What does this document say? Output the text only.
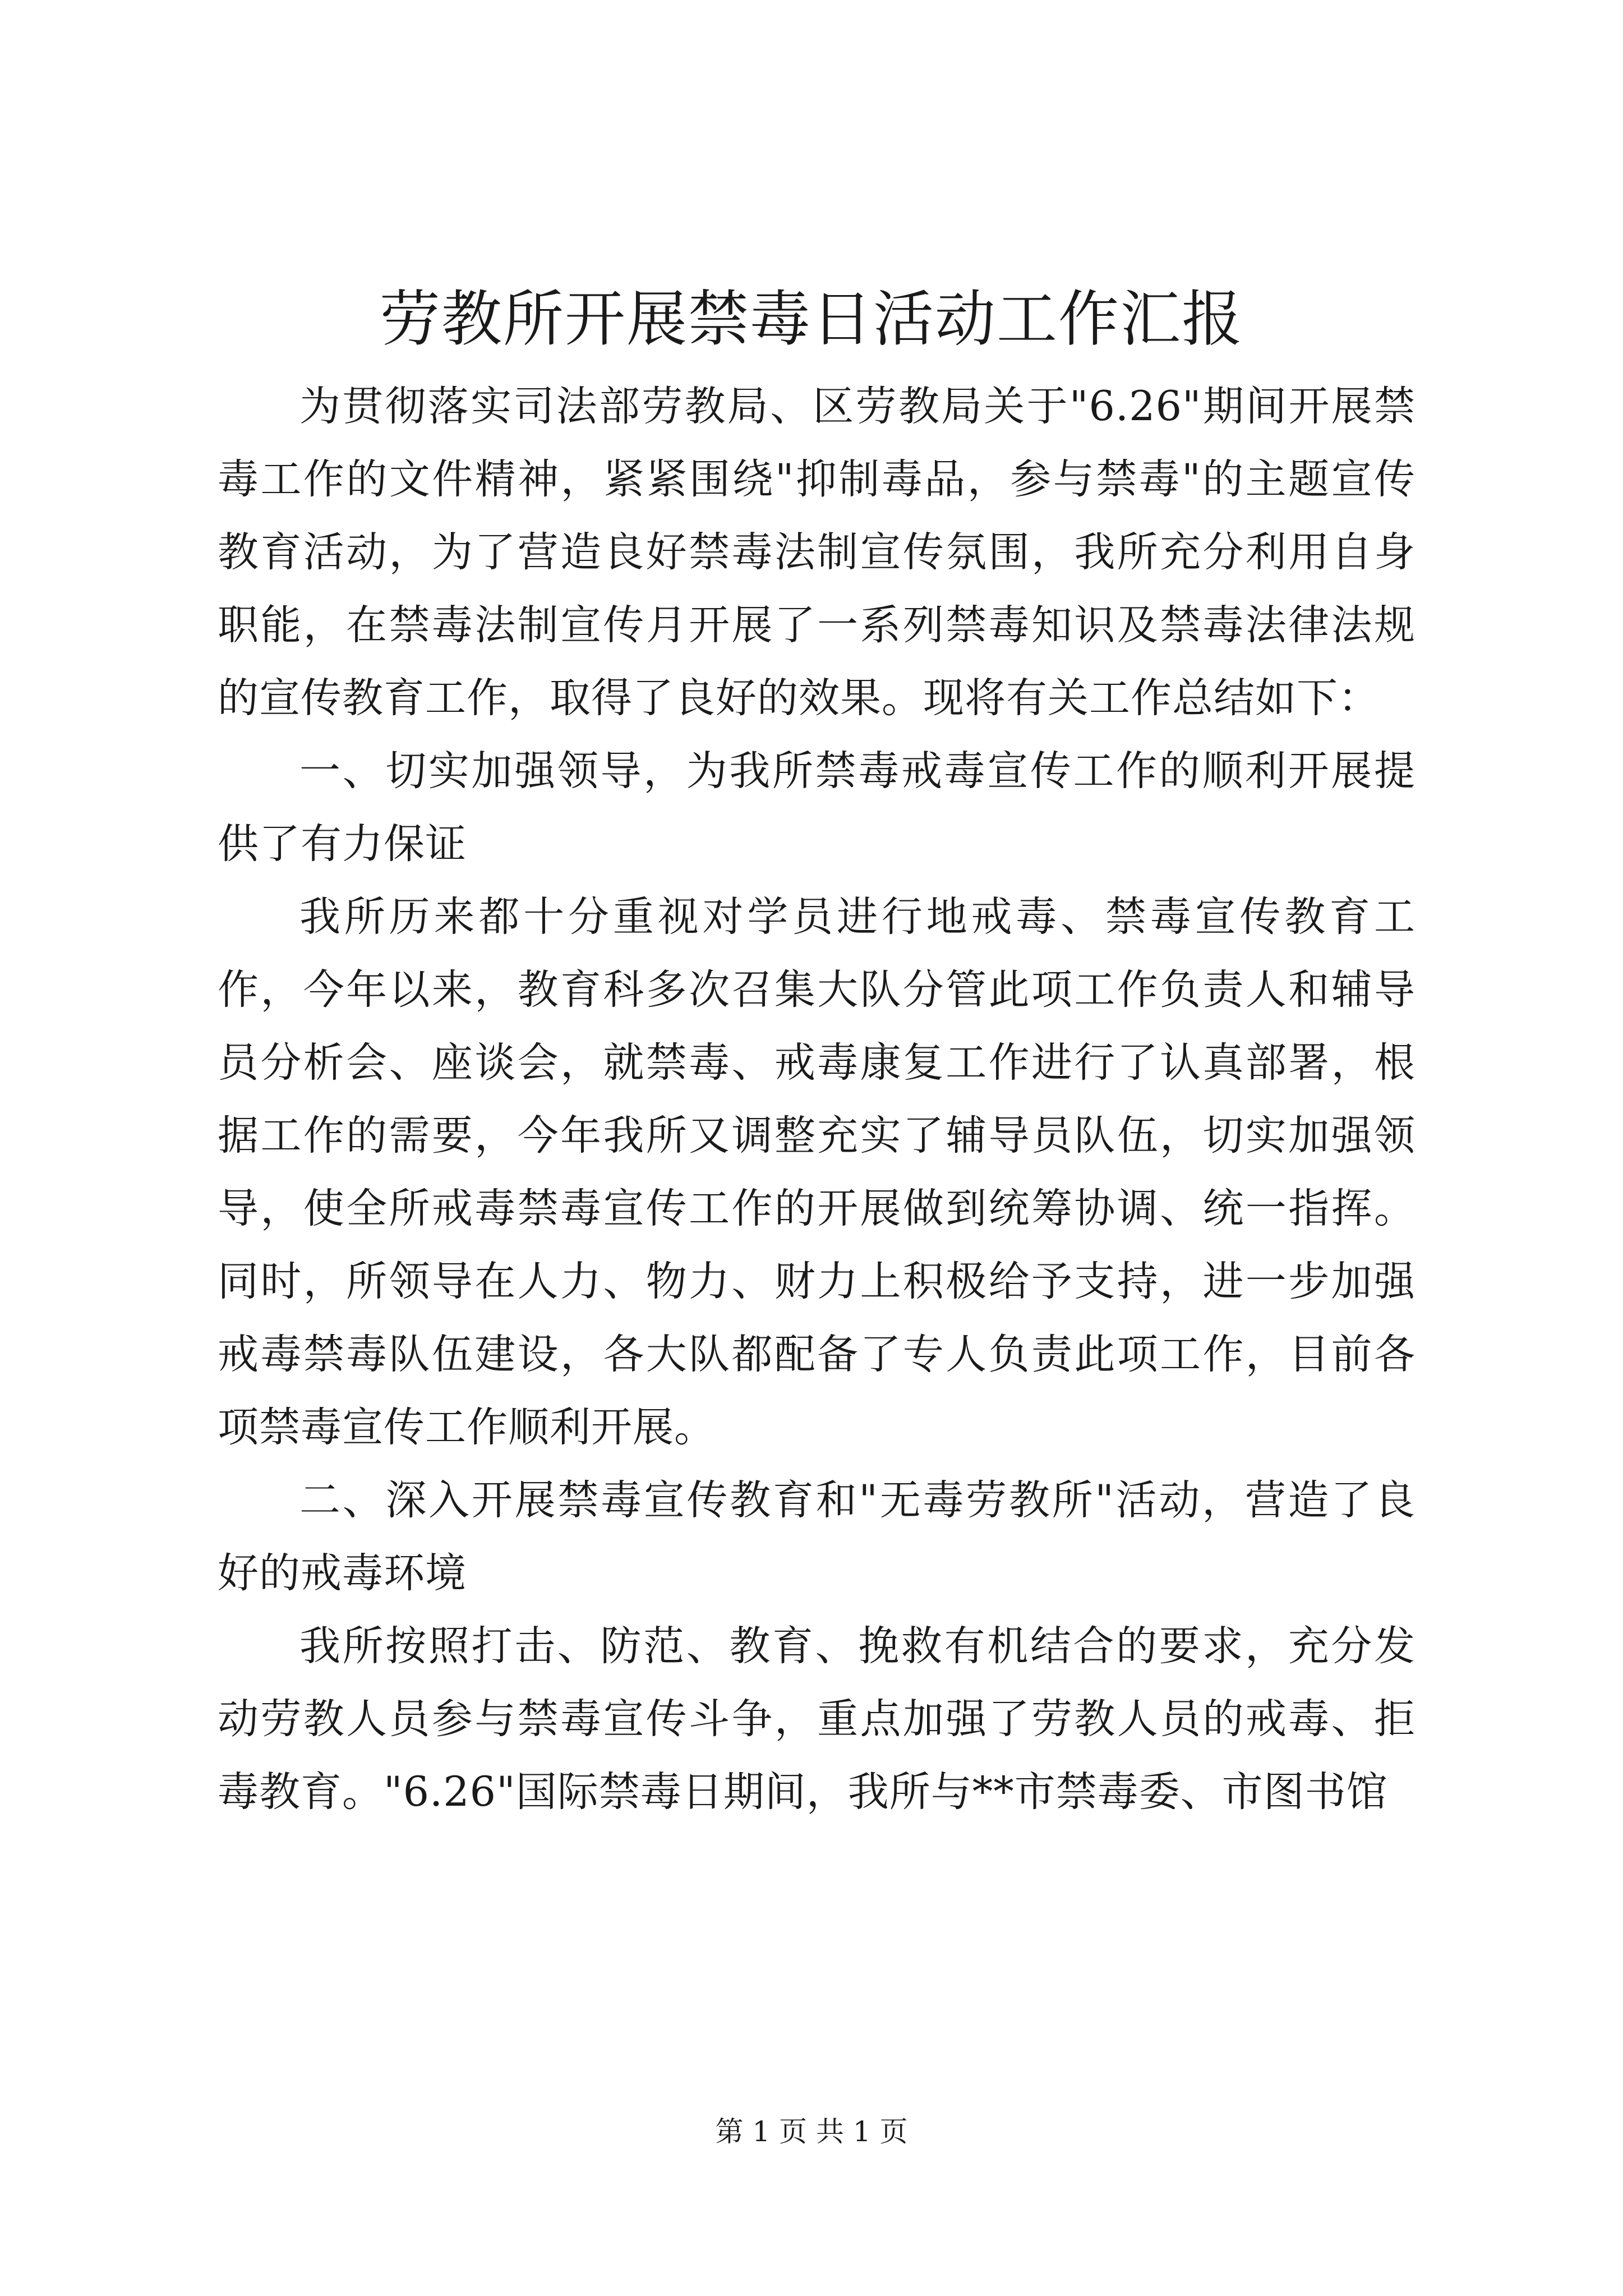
劳教所开展禁毒日活动工作汇报

为贯彻落实司法部劳教局、区劳教局关于"6.26"期间开展禁毒工作的文件精神，紧紧围绕"抑制毒品，参与禁毒"的主题宣传教育活动，为了营造良好禁毒法制宣传氛围，我所充分利用自身职能，在禁毒法制宣传月开展了一系列禁毒知识及禁毒法律法规的宣传教育工作，取得了良好的效果。现将有关工作总结如下：

一、切实加强领导，为我所禁毒戒毒宣传工作的顺利开展提供了有力保证

我所历来都十分重视对学员进行地戒毒、禁毒宣传教育工作，今年以来，教育科多次召集大队分管此项工作负责人和辅导员分析会、座谈会，就禁毒、戒毒康复工作进行了认真部署，根据工作的需要，今年我所又调整充实了辅导员队伍，切实加强领导，使全所戒毒禁毒宣传工作的开展做到统筹协调、统一指挥。同时，所领导在人力、物力、财力上积极给予支持，进一步加强戒毒禁毒队伍建设，各大队都配备了专人负责此项工作，目前各项禁毒宣传工作顺利开展。

二、深入开展禁毒宣传教育和"无毒劳教所"活动，营造了良好的戒毒环境

我所按照打击、防范、教育、挽救有机结合的要求，充分发动劳教人员参与禁毒宣传斗争，重点加强了劳教人员的戒毒、拒毒教育。"6.26"国际禁毒日期间，我所与**市禁毒委、市图书馆

第 1 页 共 1 页
